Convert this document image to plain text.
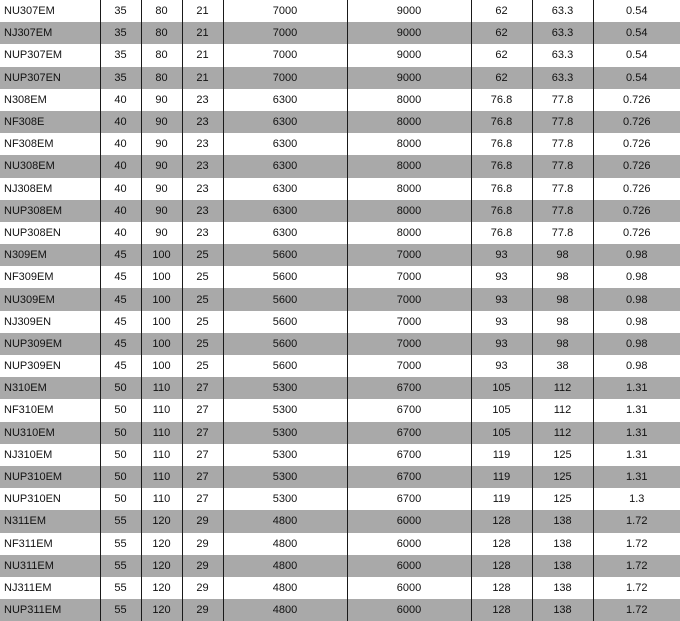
NU307EM	35	80	21	7000	9000	62	63.3	0.54
NJ307EM	35	80	21	7000	9000	62	63.3	0.54
NUP307EM	35	80	21	7000	9000	62	63.3	0.54
NUP307EN	35	80	21	7000	9000	62	63.3	0.54
N308EM	40	90	23	6300	8000	76.8	77.8	0.726
NF308E	40	90	23	6300	8000	76.8	77.8	0.726
NF308EM	40	90	23	6300	8000	76.8	77.8	0.726
NU308EM	40	90	23	6300	8000	76.8	77.8	0.726
NJ308EM	40	90	23	6300	8000	76.8	77.8	0.726
NUP308EM	40	90	23	6300	8000	76.8	77.8	0.726
NUP308EN	40	90	23	6300	8000	76.8	77.8	0.726
N309EM	45	100	25	5600	7000	93	98	0.98
NF309EM	45	100	25	5600	7000	93	98	0.98
NU309EM	45	100	25	5600	7000	93	98	0.98
NJ309EN	45	100	25	5600	7000	93	98	0.98
NUP309EM	45	100	25	5600	7000	93	98	0.98
NUP309EN	45	100	25	5600	7000	93	38	0.98
N310EM	50	110	27	5300	6700	105	112	1.31
NF310EM	50	110	27	5300	6700	105	112	1.31
NU310EM	50	110	27	5300	6700	105	112	1.31
NJ310EM	50	110	27	5300	6700	119	125	1.31
NUP310EM	50	110	27	5300	6700	119	125	1.31
NUP310EN	50	110	27	5300	6700	119	125	1.3
N311EM	55	120	29	4800	6000	128	138	1.72
NF311EM	55	120	29	4800	6000	128	138	1.72
NU311EM	55	120	29	4800	6000	128	138	1.72
NJ311EM	55	120	29	4800	6000	128	138	1.72
NUP311EM	55	120	29	4800	6000	128	138	1.72
